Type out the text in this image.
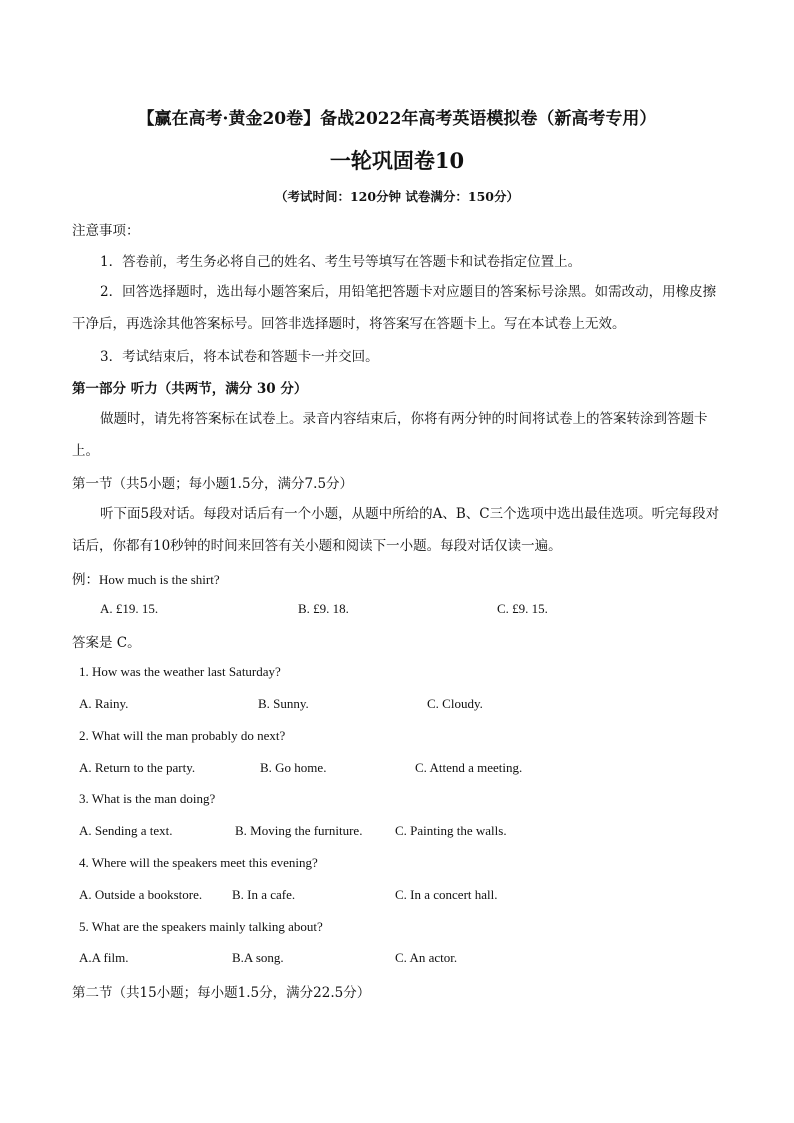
【赢在高考·黄金20卷】备战2022年高考英语模拟卷（新高考专用）
一轮巩固卷10
（考试时间：120分钟 试卷满分：150分）
注意事项：
1．答卷前，考生务必将自己的姓名、考生号等填写在答题卡和试卷指定位置上。
2．回答选择题时，选出每小题答案后，用铅笔把答题卡对应题目的答案标号涂黑。如需改动，用橡皮擦干净后，再选涂其他答案标号。回答非选择题时，将答案写在答题卡上。写在本试卷上无效。
3．考试结束后，将本试卷和答题卡一并交回。
第一部分 听力（共两节，满分 30 分）
做题时，请先将答案标在试卷上。录音内容结束后，你将有两分钟的时间将试卷上的答案转涂到答题卡上。
第一节（共5小题；每小题1.5分，满分7.5分）
听下面5段对话。每段对话后有一个小题，从题中所给的A、B、C三个选项中选出最佳选项。听完每段对话后，你都有10秒钟的时间来回答有关小题和阅读下一小题。每段对话仅读一遍。
例：How much is the shirt?
A. £19. 15.	B. £9. 18.	C. £9. 15.
答案是 C。
1. How was the weather last Saturday?
A. Rainy.	B. Sunny.	C. Cloudy.
2. What will the man probably do next?
A. Return to the party.	B. Go home.	C. Attend a meeting.
3. What is the man doing?
A. Sending a text.	B. Moving the furniture.	C. Painting the walls.
4. Where will the speakers meet this evening?
A. Outside a bookstore. B. In a cafe.	C. In a concert hall.
5. What are the speakers mainly talking about?
A.A film.	B.A song.	C. An actor.
第二节（共15小题；每小题1.5分，满分22.5分）
